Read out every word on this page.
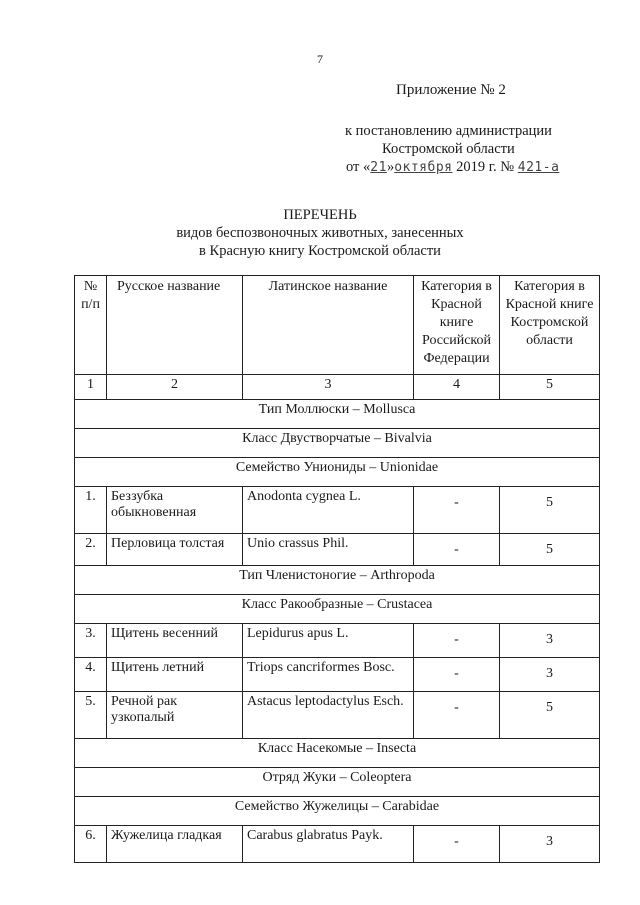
7
Приложение № 2
к постановлению администрации
Костромской области
от «21»октября 2019 г. № 421-а
ПЕРЕЧЕНЬ
видов беспозвоночных животных, занесенных
в Красную книгу Костромской области
№ п/п	Русское название	Латинское название	Категория в Красной книге Российской Федерации	Категория в Красной книге Костромской области
1	2	3	4	5
Тип Моллюски – Mollusca				
Класс Двустворчатые – Bivalvia				
Семейство Униониды – Unionidae				
1.	Беззубка обыкновенная	Anodonta cygnea L.	-	5
2.	Перловица толстая	Unio crassus Phil.	-	5
Тип Членистоногие – Arthropoda				
Класс Ракообразные – Crustacea				
3.	Щитень весенний	Lepidurus apus L.	-	3
4.	Щитень летний	Triops cancriformes Bosc.	-	3
5.	Речной рак узкопалый	Astacus leptodactylus Esch.	-	5
Класс Насекомые – Insecta				
Отряд Жуки – Coleoptera				
Семейство Жужелицы – Carabidae				
6.	Жужелица гладкая	Carabus glabratus Payk.	-	3
